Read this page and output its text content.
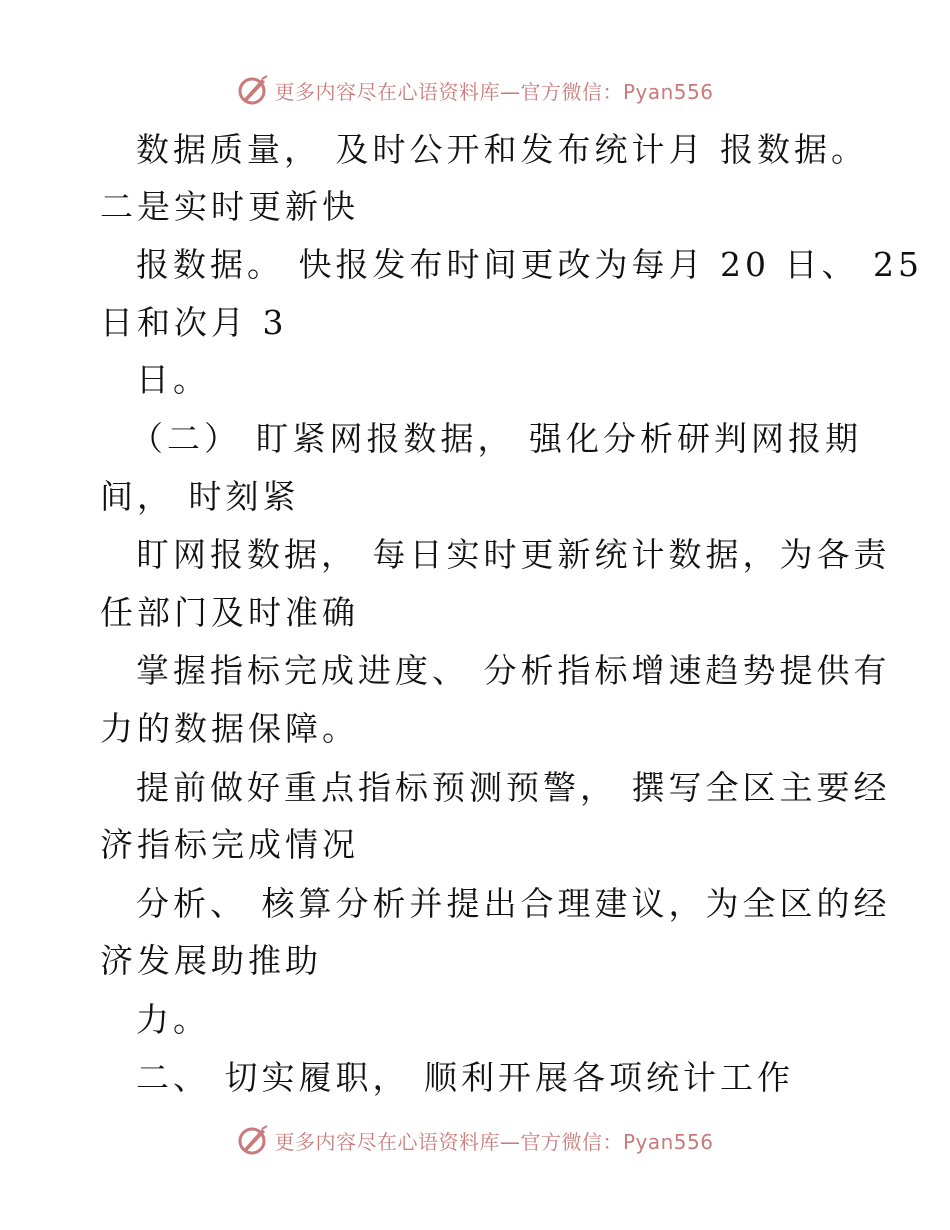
更多内容尽在心语资料库—官方微信：Pyan556
数据质量， 及时公开和发布统计月 报数据。
二是实时更新快
报数据。 快报发布时间更改为每月 20 日、 25
日和次月 3
日。
（二） 盯紧网报数据， 强化分析研判网报期
间， 时刻紧
盯网报数据， 每日实时更新统计数据，为各责
任部门及时准确
掌握指标完成进度、 分析指标增速趋势提供有
力的数据保障。
提前做好重点指标预测预警， 撰写全区主要经
济指标完成情况
分析、 核算分析并提出合理建议，为全区的经
济发展助推助
力。
二、 切实履职， 顺利开展各项统计工作
更多内容尽在心语资料库—官方微信：Pyan556
